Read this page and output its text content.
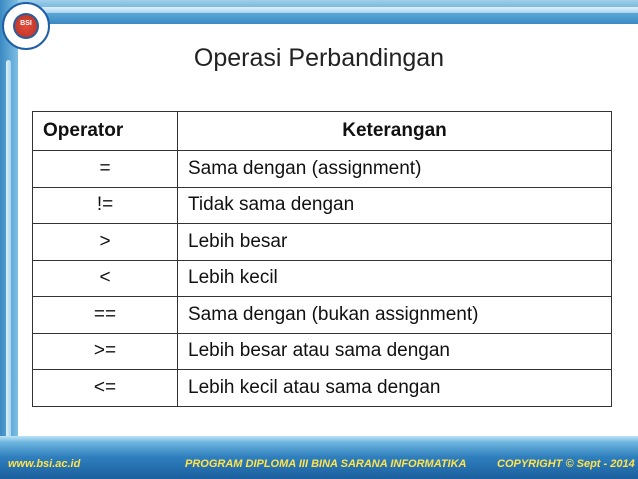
BSI
Operasi Perbandingan
Operator	Keterangan
=	Sama dengan (assignment)
!=	Tidak sama dengan
>	Lebih besar
<	Lebih kecil
==	Sama dengan (bukan assignment)
>=	Lebih besar atau sama dengan
<=	Lebih kecil atau sama dengan
www.bsi.ac.id	PROGRAM DIPLOMA III BINA SARANA INFORMATIKA	COPYRIGHT © Sept - 2014
